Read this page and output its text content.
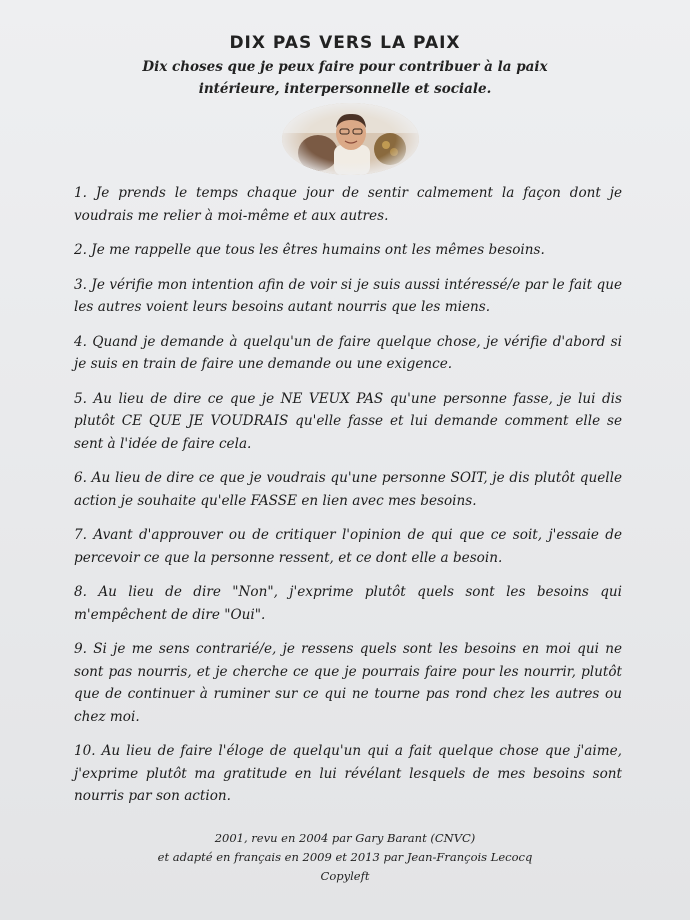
DIX PAS VERS LA PAIX
Dix choses que je peux faire pour contribuer à la paix
intérieure, interpersonnelle et sociale.

1. Je prends le temps chaque jour de sentir calmement la façon dont je voudrais me relier à moi-même et aux autres.

2. Je me rappelle que tous les êtres humains ont les mêmes besoins.

3. Je vérifie mon intention afin de voir si je suis aussi intéressé/e par le fait que les autres voient leurs besoins autant nourris que les miens.

4. Quand je demande à quelqu'un de faire quelque chose, je vérifie d'abord si je suis en train de faire une demande ou une exigence.

5. Au lieu de dire ce que je NE VEUX PAS qu'une personne fasse, je lui dis plutôt CE QUE JE VOUDRAIS qu'elle fasse et lui demande comment elle se sent à l'idée de faire cela.

6. Au lieu de dire ce que je voudrais qu'une personne SOIT, je dis plutôt quelle action je souhaite qu'elle FASSE en lien avec mes besoins.

7. Avant d'approuver ou de critiquer l'opinion de qui que ce soit, j'essaie de percevoir ce que la personne ressent, et ce dont elle a besoin.

8. Au lieu de dire "Non", j'exprime plutôt quels sont les besoins qui m'empêchent de dire "Oui".

9. Si je me sens contrarié/e, je ressens quels sont les besoins en moi qui ne sont pas nourris, et je cherche ce que je pourrais faire pour les nourrir, plutôt que de continuer à ruminer sur ce qui ne tourne pas rond chez les autres ou chez moi.

10. Au lieu de faire l'éloge de quelqu'un qui a fait quelque chose que j'aime, j'exprime plutôt ma gratitude en lui révélant lesquels de mes besoins sont nourris par son action.

2001, revu en 2004 par Gary Barant (CNVC)
et adapté en français en 2009 et 2013 par Jean-François Lecocq
Copyleft
